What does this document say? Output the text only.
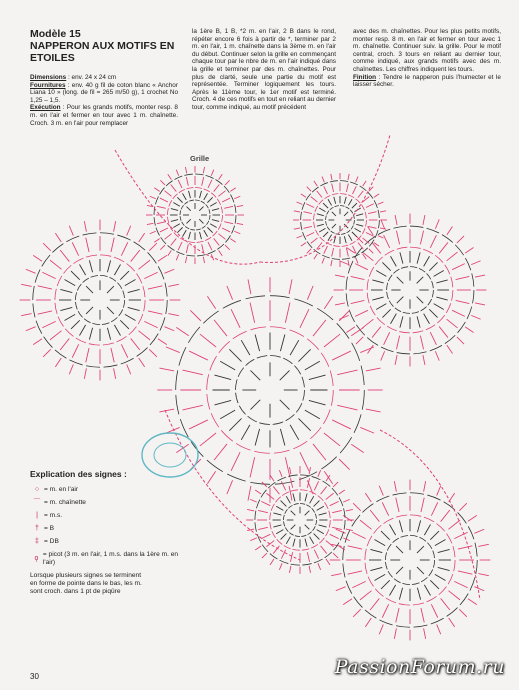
Modèle 15
NAPPERON AUX MOTIFS EN ETOILES
Dimensions : env. 24 x 24 cm
Fournitures : env. 40 g fil de coton blanc « Anchor Liana 10 » (long. de fil = 265 m/50 g), 1 crochet No 1,25 – 1,5.
Exécution : Pour les grands motifs, monter resp. 8 m. en l'air et fermer en tour avec 1 m. chaînette. Croch. 3 m. en l'air pour remplacer
la 1ère B, 1 B, *2 m. en l'air, 2 B dans le rond, répéter encore 6 fois à partir de *, terminer par 2 m. en l'air, 1 m. chaînette dans la 3ème m. en l'air du début. Continuer selon la grille en commençant chaque tour par le nbre de m. en l'air indiqué dans la grille et terminer par des m. chaînettes. Pour plus de clarté, seule une partie du motif est représentée. Terminer logiquement les tours. Après le 11ème tour, le 1er motif est terminé. Croch. 4 de ces motifs en tout en reliant au dernier tour, comme indiqué, au motif précédent
avec des m. chaînettes. Pour les plus petits motifs, monter resp. 8 m. en l'air et fermer en tour avec 1 m. chaînette. Continuer suiv. la grille. Pour le motif central, croch. 3 tours en reliant au dernier tour, comme indiqué, aux grands motifs avec des m. chaînettes. Les chiffres indiquent les tours.
Finition : Tendre le napperon puis l'humecter et le laisser sécher.
Grille
Explication des signes :
○ = m. en l'air
⌒ = m. chaînette
| = m.s.
† = B
‡ = DB
ǫ
= picot (3 m. en l'air, 1 m.s. dans la 1ère m. en l'air)
Lorsque plusieurs signes se terminent en forme de pointe dans le bas, les m. sont croch. dans 1 pt de piqûre
30	PassionForum.ru
